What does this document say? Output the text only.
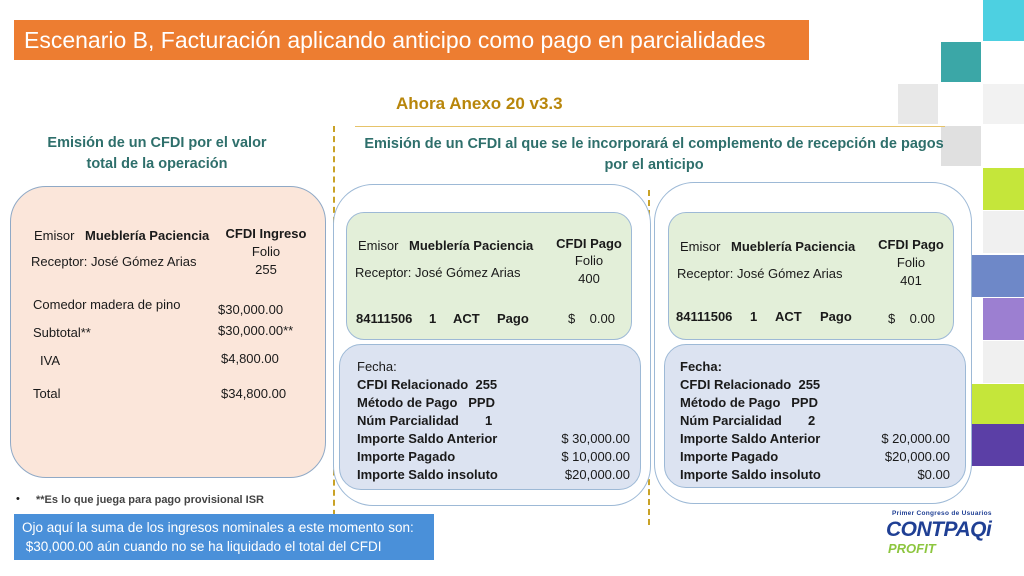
Escenario B, Facturación aplicando anticipo como pago en parcialidades
Ahora Anexo 20 v3.3
Emisión de un CFDI por el valor
total de la operación
Emisión de un CFDI al que se le incorporará el complemento de recepción de pagos
por el anticipo
Emisor Mueblería Paciencia
Receptor: José Gómez Arias
CFDI Ingreso
Folio
255
Comedor madera de pino	$30,000.00
Subtotal**	$30,000.00**
IVA	$4,800.00
Total	$34,800.00
Emisor Mueblería Paciencia
Receptor: José Gómez Arias
CFDI Pago
Folio
400
84111506 1 ACT Pago	$    0.00
Fecha:
CFDI Relacionado  255
Método de Pago   PPD
Núm Parcialidad 1
Importe Saldo Anterior	$ 30,000.00
Importe Pagado	$ 10,000.00
Importe Saldo insoluto	$20,000.00
Emisor Mueblería Paciencia
Receptor: José Gómez Arias
CFDI Pago
Folio
401
84111506 1 ACT Pago	$    0.00
Fecha:
CFDI Relacionado  255
Método de Pago   PPD
Núm Parcialidad 2
Importe Saldo Anterior	$ 20,000.00
Importe Pagado	$20,000.00
Importe Saldo insoluto	$0.00
• **Es lo que juega para pago provisional ISR
Ojo aquí la suma de los ingresos nominales a este momento son:
$30,000.00 aún cuando no se ha liquidado el total del CFDI
Primer Congreso de Usuarios
CONTPAQi
PROFIT
